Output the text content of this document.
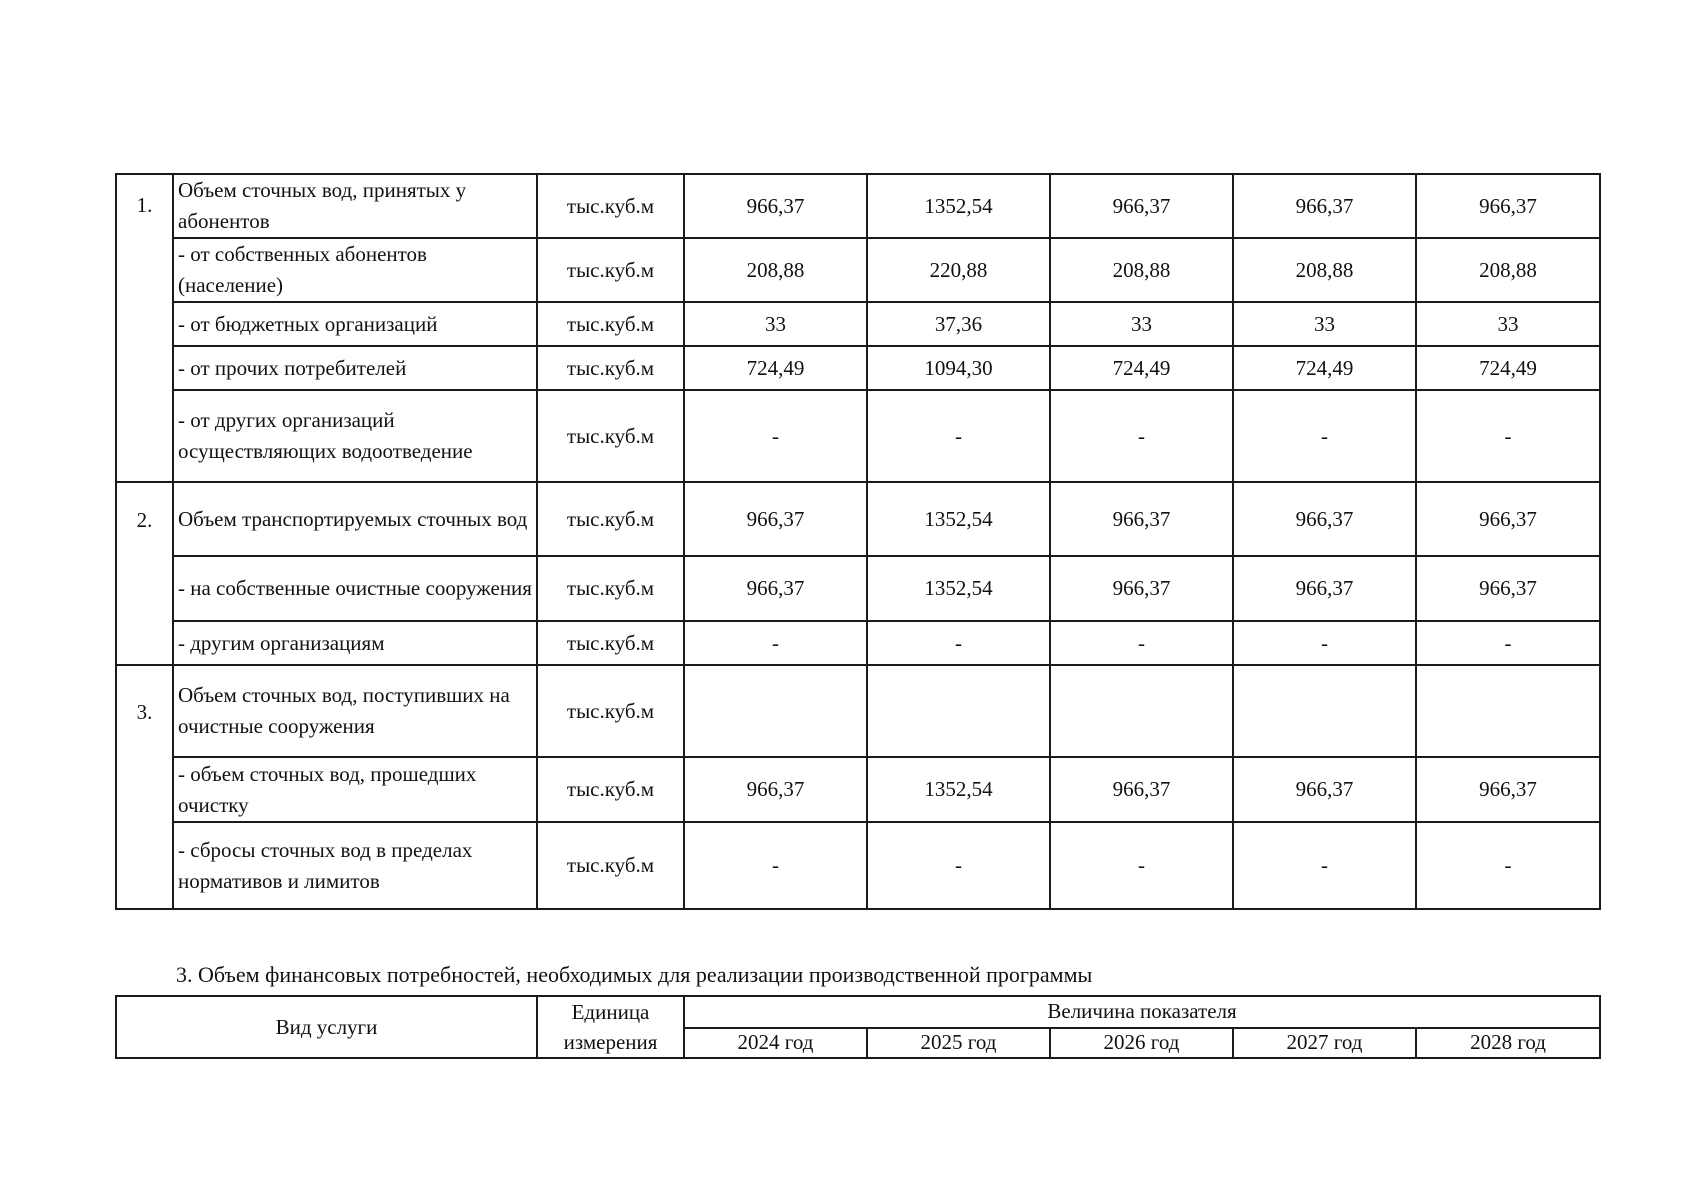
1.	Объем сточных вод, принятых у абонентов	тыс.куб.м	966,37	1352,54	966,37	966,37	966,37
	- от собственных абонентов (население)	тыс.куб.м	208,88	220,88	208,88	208,88	208,88
	- от бюджетных организаций	тыс.куб.м	33	37,36	33	33	33
	- от прочих потребителей	тыс.куб.м	724,49	1094,30	724,49	724,49	724,49
	- от других организаций осуществляющих водоотведение	тыс.куб.м	-	-	-	-	-
2.	Объем транспортируемых сточных вод	тыс.куб.м	966,37	1352,54	966,37	966,37	966,37
	- на собственные очистные сооружения	тыс.куб.м	966,37	1352,54	966,37	966,37	966,37
	- другим организациям	тыс.куб.м	-	-	-	-	-
3.	Объем сточных вод, поступивших на очистные сооружения	тыс.куб.м					
	- объем сточных вод, прошедших очистку	тыс.куб.м	966,37	1352,54	966,37	966,37	966,37
	- сбросы сточных вод в пределах нормативов и лимитов	тыс.куб.м	-	-	-	-	-
3. Объем финансовых потребностей, необходимых для реализации производственной программы
Вид услуги	Единица измерения	Величина показателя				
		2024 год	2025 год	2026 год	2027 год	2028 год
